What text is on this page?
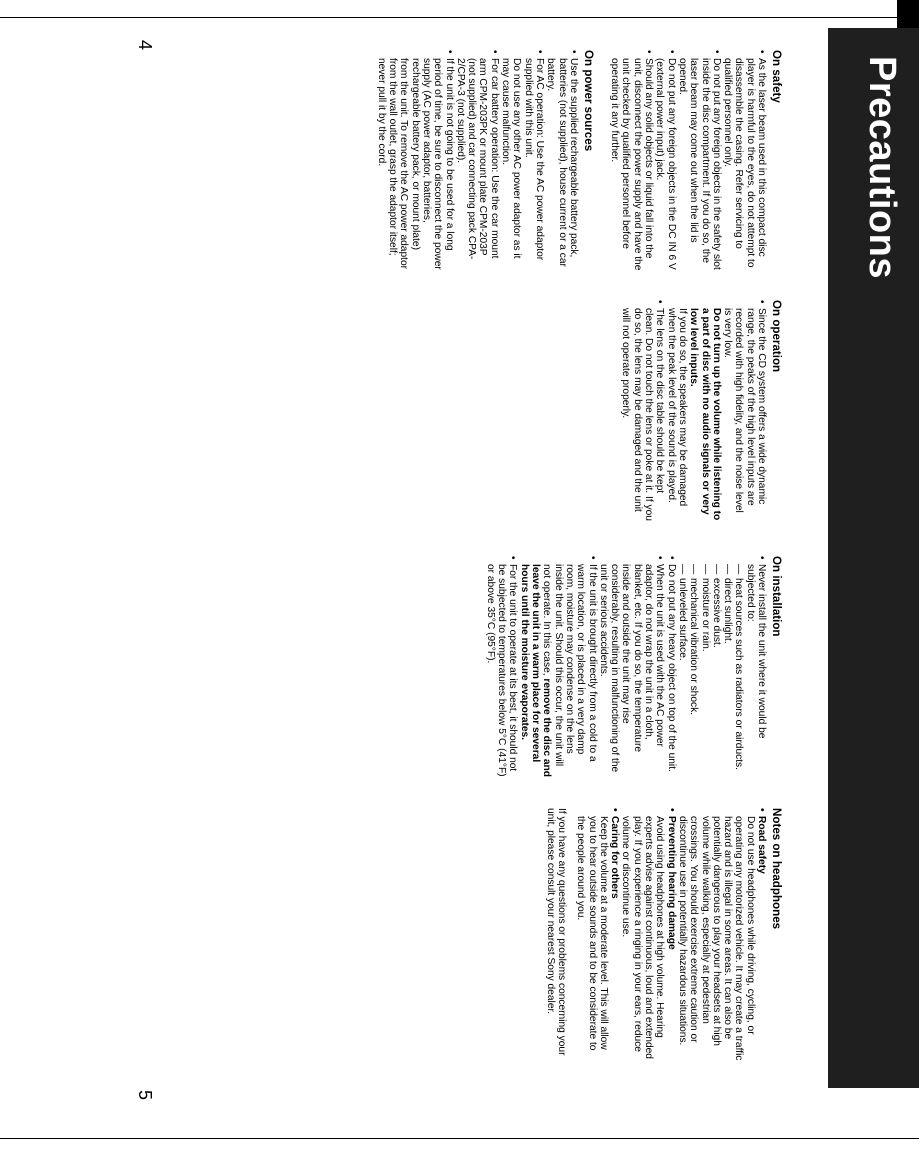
Precautions
4
5
On safety

• As the laser beam used in this compact disc player is harmful to the eyes, do not attempt to disassemble the casing. Refer servicing to qualified personnel only.

• Do not put any foreign objects in the safety slot inside the disc compartment. If you do so, the laser beam may come out when the lid is opened.

• Do not put any foreign objects in the DC IN 6 V (external power input) jack.

• Should any solid objects or liquid fall into the unit, disconnect the power supply and have the unit checked by qualified personnel before operating it any further.

On power sources

• Use the supplied rechargeable battery pack, batteries (not supplied), house current or a car battery.

• For AC operation: Use the AC power adaptor supplied with this unit.

Do not use any other AC power adaptor as it may cause malfunction.

• For car battery operation: Use the car mount arm CPM-203PK or mount plate CPM-203P (not supplied) and car connecting pack CPA-2/CPA-3 (not supplied).

• If the unit is not going to be used for a long period of time, be sure to disconnect the power supply (AC power adaptor, batteries, rechargeable battery pack, or mount plate) from the unit. To remove the AC power adaptor from the wall outlet, grasp the adaptor itself; never pull it by the cord.

On operation

• Since the CD system offers a wide dynamic range, the peaks of the high level inputs are recorded with high fidelity, and the noise level is very low.

Do not turn up the volume while listening to a part of disc with no audio signals or very low level inputs.

If you do so, the speakers may be damaged when the peak level of the sound is played.

• The lens on the disc table should be kept clean. Do not touch the lens or poke at it. If you do so, the lens may be damaged and the unit will not operate properly.

On installation

• Never install the unit where it would be subjected to:

— heat sources such as radiators or airducts.

— direct sunlight.

— excessive dust.

— moisture or rain.

— mechanical vibration or shock.

— unleveled surface.

• Do not put any heavy object on top of the unit.

• When the unit is used with the AC power adaptor, do not wrap the unit in a cloth, blanket, etc. If you do so, the temperature inside and outside the unit may rise considerably, resulting in malfunctioning of the unit or serious accidents.

• If the unit is brought directly from a cold to a warm location, or is placed in a very damp room, moisture may condense on the lens inside the unit. Should this occur, the unit will not operate. In this case, remove the disc and leave the unit in a warm place for several hours until the moisture evaporates.

• For the unit to operate at its best, it should not be subjected to temperatures below 5°C (41°F) or above 35°C (95°F).

Notes on headphones

• Road safety

Do not use headphones while driving, cycling, or operating any motorized vehicle. It may create a traffic hazard and is illegal in some areas. It can also be potentially dangerous to play your headsets at high volume while walking, especially at pedestrian crossings. You should exercise extreme caution or discontinue use in potentially hazardous situations.

• Preventing hearing damage

Avoid using headphones at high volume. Hearing experts advise against continuous, loud and extended play. If you experience a ringing in your ears, reduce volume or discontinue use.

• Caring for others

Keep the volume at a moderate level. This will allow you to hear outside sounds and to be considerate to the people around you.

If you have any questions or problems concerning your unit, please consult your nearest Sony dealer.
